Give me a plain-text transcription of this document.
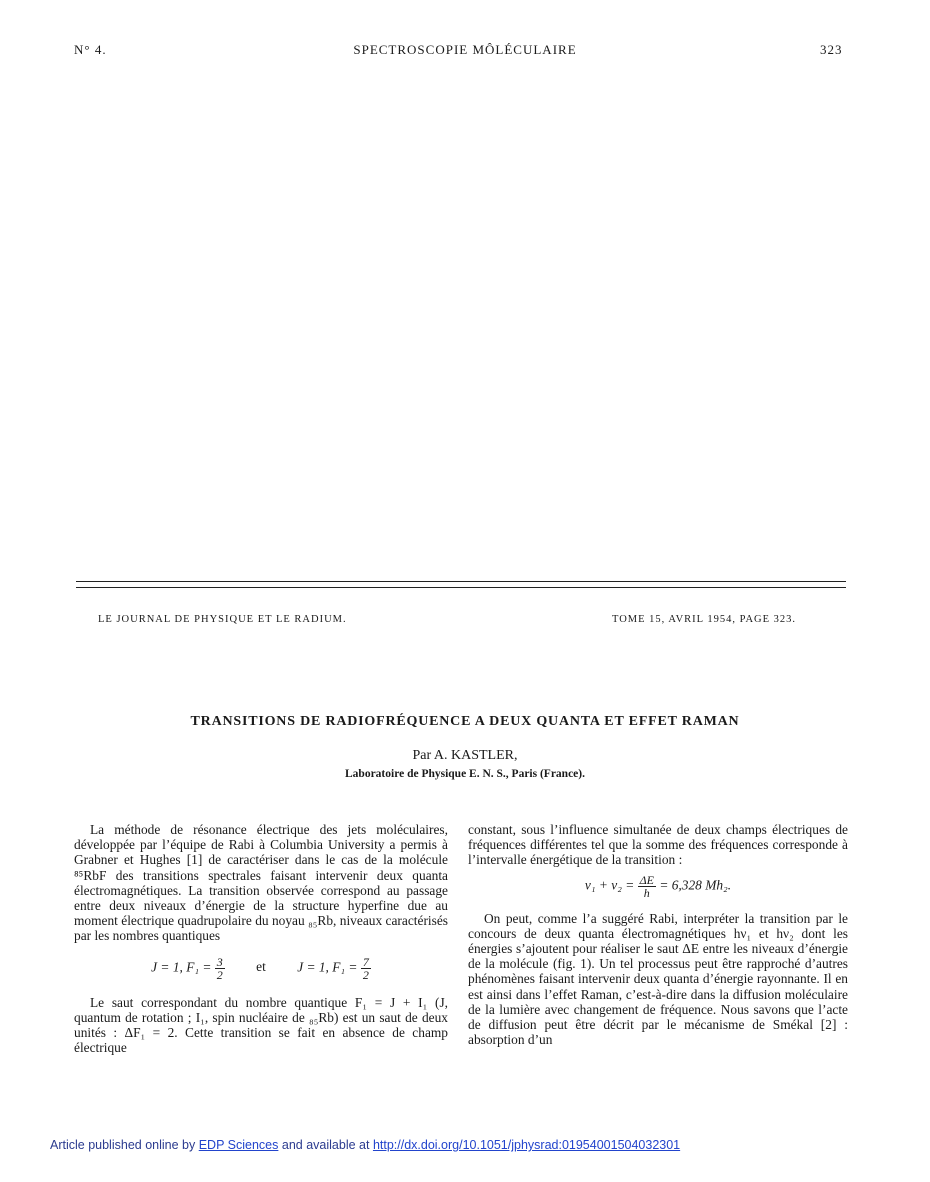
N° 4.	SPECTROSCOPIE MÔLÉCULAIRE	323
LE JOURNAL DE PHYSIQUE ET LE RADIUM.	TOME 15, AVRIL 1954, PAGE 323.
TRANSITIONS DE RADIOFRÉQUENCE A DEUX QUANTA ET EFFET RAMAN
Par A. KASTLER,
Laboratoire de Physique E. N. S., Paris (France).

La méthode de résonance électrique des jets moléculaires, développée par l’équipe de Rabi à Columbia University a permis à Grabner et Hughes [1] de caractériser dans le cas de la molécule ⁸⁵RbF des transitions spectrales faisant intervenir deux quanta électromagnétiques. La transition observée correspond au passage entre deux niveaux d’énergie de la structure hyperfine due au moment électrique quadrupolaire du noyau ₈₅Rb, niveaux caractérisés par les nombres quantiques

J = 1, $F_1 = \frac{3}{2}$ et J = 1, $F_1 = \frac{7}{2}$

Le saut correspondant du nombre quantique F₁ = J + I₁ (J, quantum de rotation ; I₁, spin nucléaire de ₈₅Rb) est un saut de deux unités : ΔF₁ = 2. Cette transition se fait en absence de champ électrique

constant, sous l’influence simultanée de deux champs électriques de fréquences différentes tel que la somme des fréquences corresponde à l’intervalle énergétique de la transition :

$\nu_1 + \nu_2 = \frac{\Delta E}{h} = 6,328$ Mh₂.

On peut, comme l’a suggéré Rabi, interpréter la transition par le concours de deux quanta électromagnétiques hν₁ et hν₂ dont les énergies s’ajoutent pour réaliser le saut ΔE entre les niveaux d’énergie de la molécule (fig. 1). Un tel processus peut être rapproché d’autres phénomènes faisant intervenir deux quanta d’énergie rayonnante. Il en est ainsi dans l’effet Raman, c’est-à-dire dans la diffusion moléculaire de la lumière avec changement de fréquence. Nous savons que l’acte de diffusion peut être décrit par le mécanisme de Smékal [2] : absorption d’un

Article published online by EDP Sciences and available at http://dx.doi.org/10.1051/jphysrad:01954001504032301
